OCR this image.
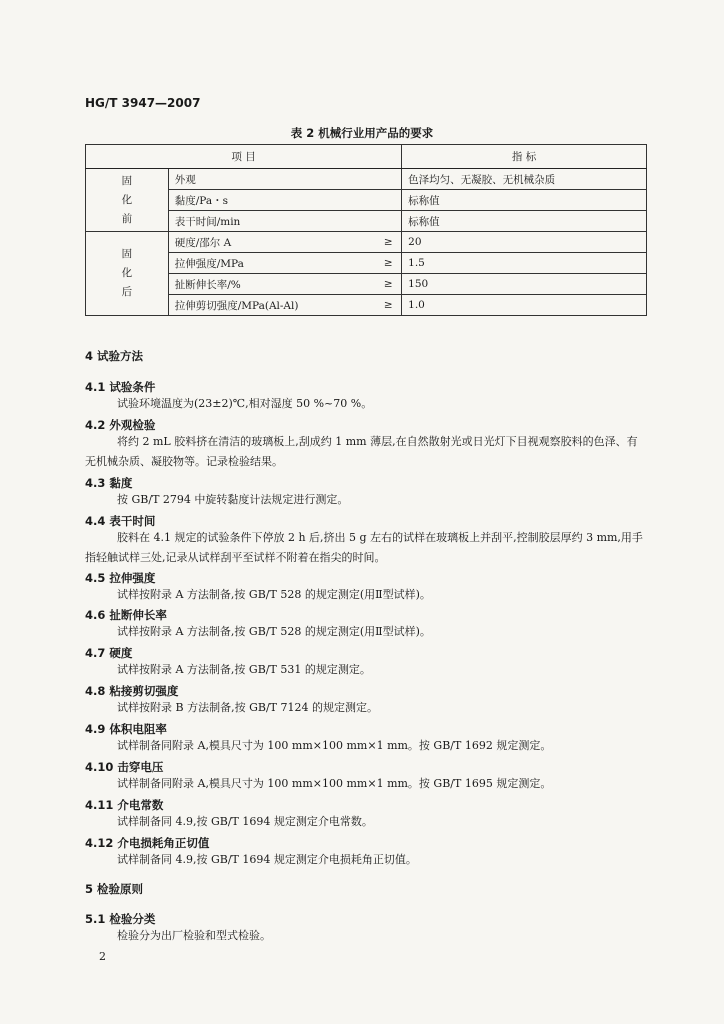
HG/T 3947—2007
表 2 机械行业用产品的要求
项 目			指 标
固
化
前	外观		色泽均匀、无凝胶、无机械杂质
	黏度/Pa・s		标称值
	表干时间/min		标称值
固
化
后	硬度/邵尔 A	≥	20
	拉伸强度/MPa	≥	1.5
	扯断伸长率/%	≥	150
	拉伸剪切强度/MPa(Al-Al)	≥	1.0
4 试验方法
4.1 试验条件
试验环境温度为(23±2)℃,相对湿度 50 %~70 %。
4.2 外观检验
将约 2 mL 胶料挤在清洁的玻璃板上,刮成约 1 mm 薄层,在自然散射光或日光灯下目视观察胶料的色泽、有无机械杂质、凝胶物等。记录检验结果。
4.3 黏度
按 GB/T 2794 中旋转黏度计法规定进行测定。
4.4 表干时间
胶料在 4.1 规定的试验条件下停放 2 h 后,挤出 5 g 左右的试样在玻璃板上并刮平,控制胶层厚约 3 mm,用手指轻触试样三处,记录从试样刮平至试样不附着在指尖的时间。
4.5 拉伸强度
试样按附录 A 方法制备,按 GB/T 528 的规定测定(用Ⅱ型试样)。
4.6 扯断伸长率
试样按附录 A 方法制备,按 GB/T 528 的规定测定(用Ⅱ型试样)。
4.7 硬度
试样按附录 A 方法制备,按 GB/T 531 的规定测定。
4.8 粘接剪切强度
试样按附录 B 方法制备,按 GB/T 7124 的规定测定。
4.9 体积电阻率
试样制备同附录 A,模具尺寸为 100 mm×100 mm×1 mm。按 GB/T 1692 规定测定。
4.10 击穿电压
试样制备同附录 A,模具尺寸为 100 mm×100 mm×1 mm。按 GB/T 1695 规定测定。
4.11 介电常数
试样制备同 4.9,按 GB/T 1694 规定测定介电常数。
4.12 介电损耗角正切值
试样制备同 4.9,按 GB/T 1694 规定测定介电损耗角正切值。
5 检验原则
5.1 检验分类
检验分为出厂检验和型式检验。
2
